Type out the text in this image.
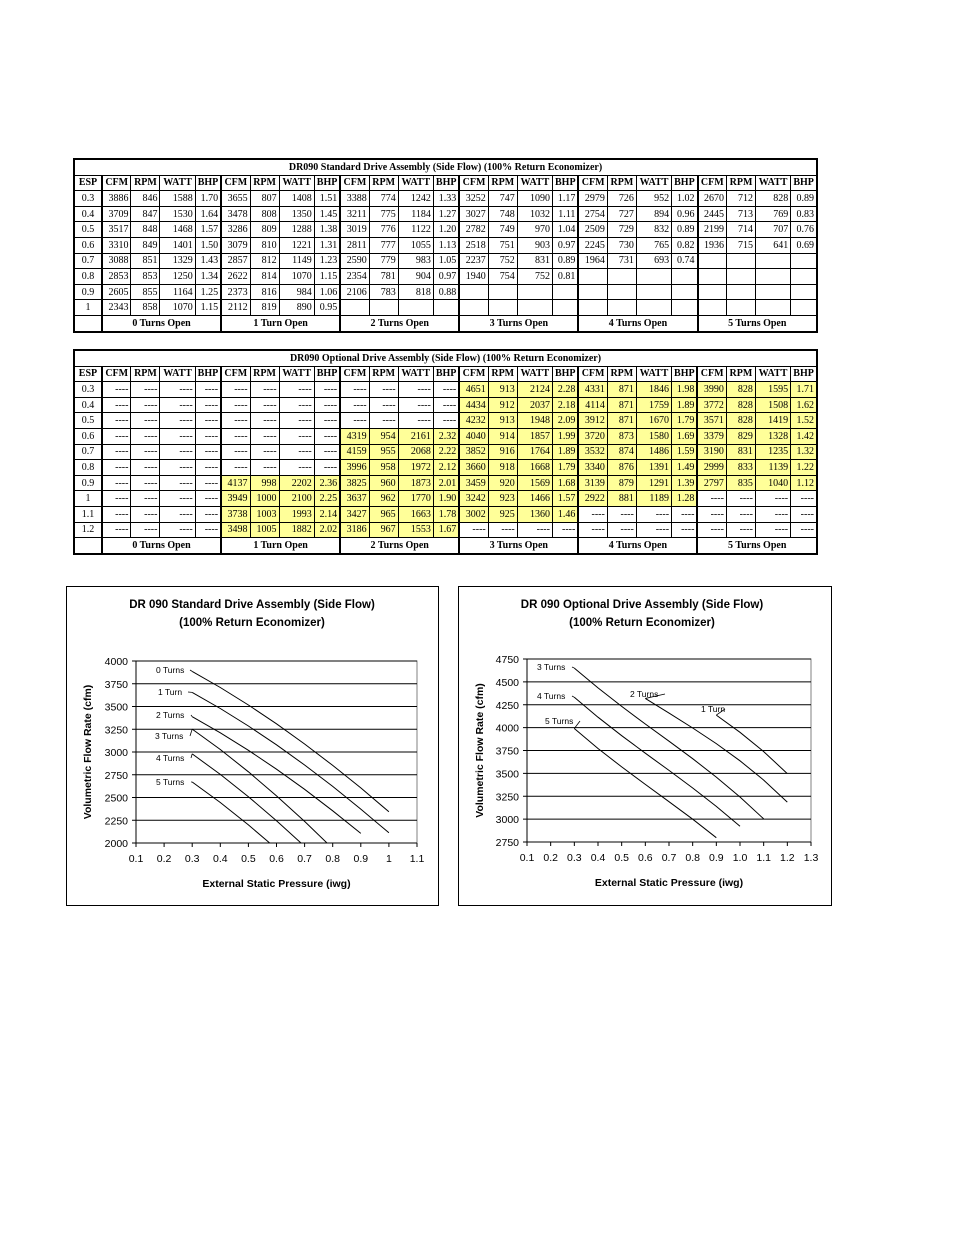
DR090 Standard Drive Assembly (Side Flow) (100% Return Economizer)																								
ESP	CFM	RPM	WATT	BHP	CFM	RPM	WATT	BHP	CFM	RPM	WATT	BHP	CFM	RPM	WATT	BHP	CFM	RPM	WATT	BHP	CFM	RPM	WATT	BHP
0.3	3886	846	1588	1.70	3655	807	1408	1.51	3388	774	1242	1.33	3252	747	1090	1.17	2979	726	952	1.02	2670	712	828	0.89
0.4	3709	847	1530	1.64	3478	808	1350	1.45	3211	775	1184	1.27	3027	748	1032	1.11	2754	727	894	0.96	2445	713	769	0.83
0.5	3517	848	1468	1.57	3286	809	1288	1.38	3019	776	1122	1.20	2782	749	970	1.04	2509	729	832	0.89	2199	714	707	0.76
0.6	3310	849	1401	1.50	3079	810	1221	1.31	2811	777	1055	1.13	2518	751	903	0.97	2245	730	765	0.82	1936	715	641	0.69
0.7	3088	851	1329	1.43	2857	812	1149	1.23	2590	779	983	1.05	2237	752	831	0.89	1964	731	693	0.74				
0.8	2853	853	1250	1.34	2622	814	1070	1.15	2354	781	904	0.97	1940	754	752	0.81								
0.9	2605	855	1164	1.25	2373	816	984	1.06	2106	783	818	0.88												
1	2343	858	1070	1.15	2112	819	890	0.95																
	0 Turns Open				1 Turn Open				2 Turns Open				3 Turns Open				4 Turns Open				5 Turns Open			
DR090 Optional Drive Assembly (Side Flow) (100% Return Economizer)																								
ESP	CFM	RPM	WATT	BHP	CFM	RPM	WATT	BHP	CFM	RPM	WATT	BHP	CFM	RPM	WATT	BHP	CFM	RPM	WATT	BHP	CFM	RPM	WATT	BHP
0.3	----	----	----	----	----	----	----	----	----	----	----	----	4651	913	2124	2.28	4331	871	1846	1.98	3990	828	1595	1.71
0.4	----	----	----	----	----	----	----	----	----	----	----	----	4434	912	2037	2.18	4114	871	1759	1.89	3772	828	1508	1.62
0.5	----	----	----	----	----	----	----	----	----	----	----	----	4232	913	1948	2.09	3912	871	1670	1.79	3571	828	1419	1.52
0.6	----	----	----	----	----	----	----	----	4319	954	2161	2.32	4040	914	1857	1.99	3720	873	1580	1.69	3379	829	1328	1.42
0.7	----	----	----	----	----	----	----	----	4159	955	2068	2.22	3852	916	1764	1.89	3532	874	1486	1.59	3190	831	1235	1.32
0.8	----	----	----	----	----	----	----	----	3996	958	1972	2.12	3660	918	1668	1.79	3340	876	1391	1.49	2999	833	1139	1.22
0.9	----	----	----	----	4137	998	2202	2.36	3825	960	1873	2.01	3459	920	1569	1.68	3139	879	1291	1.39	2797	835	1040	1.12
1	----	----	----	----	3949	1000	2100	2.25	3637	962	1770	1.90	3242	923	1466	1.57	2922	881	1189	1.28	----	----	----	----
1.1	----	----	----	----	3738	1003	1993	2.14	3427	965	1663	1.78	3002	925	1360	1.46	----	----	----	----	----	----	----	----
1.2	----	----	----	----	3498	1005	1882	2.02	3186	967	1553	1.67	----	----	----	----	----	----	----	----	----	----	----	----
	0 Turns Open				1 Turn Open				2 Turns Open				3 Turns Open				4 Turns Open				5 Turns Open			
DR 090 Standard Drive Assembly (Side Flow)
(100% Return Economizer)
2000
2250
2500
2750
3000
3250
3500
3750
4000
0.1 0.2 0.3 0.4 0.5 0.6 0.7 0.8 0.9 1 1.1
External Static Pressure (iwg)
Volumetric Flow Rate (cfm)
0 Turns
1 Turn
2 Turns
3 Turns
4 Turns
5 Turns
DR 090 Optional Drive Assembly (Side Flow)
(100% Return Economizer)
2750
3000
3250
3500
3750
4000
4250
4500
4750
0.1 0.2 0.3 0.4 0.5 0.6 0.7 0.8 0.9 1.0 1.1 1.2 1.3
External Static Pressure (iwg)
Volumetric Flow Rate (cfm)	1 Turn
2 Turns
3 Turns
4 Turns
5 Turns
